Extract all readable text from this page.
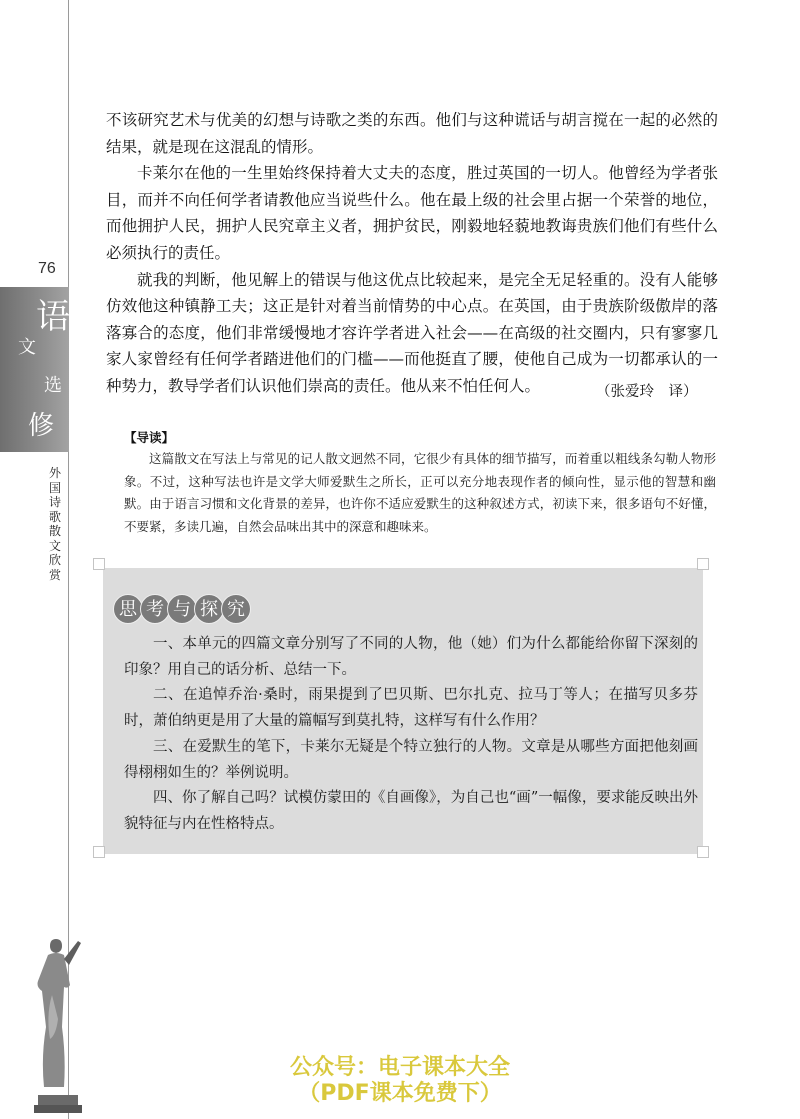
76
语
文
选
修
外国诗歌散文欣赏

不该研究艺术与优美的幻想与诗歌之类的东西。他们与这种谎话与胡言搅在一起的必然的结果，就是现在这混乱的情形。

卡莱尔在他的一生里始终保持着大丈夫的态度，胜过英国的一切人。他曾经为学者张目，而并不向任何学者请教他应当说些什么。他在最上级的社会里占据一个荣誉的地位，而他拥护人民，拥护人民究章主义者，拥护贫民，刚毅地轻藐地教诲贵族们他们有些什么必须执行的责任。

就我的判断，他见解上的错误与他这优点比较起来，是完全无足轻重的。没有人能够仿效他这种镇静工夫；这正是针对着当前情势的中心点。在英国，由于贵族阶级傲岸的落落寡合的态度，他们非常缓慢地才容许学者进入社会——在高级的社交圈内，只有寥寥几家人家曾经有任何学者踏进他们的门槛——而他挺直了腰，使他自己成为一切都承认的一种势力，教导学者们认识他们崇高的责任。他从来不怕任何人。	（张爱玲　译）
【导读】
这篇散文在写法上与常见的记人散文迥然不同，它很少有具体的细节描写，而着重以粗线条勾勒人物形象。不过，这种写法也许是文学大师爱默生之所长，正可以充分地表现作者的倾向性，显示他的智慧和幽默。由于语言习惯和文化背景的差异，也许你不适应爱默生的这种叙述方式，初读下来，很多语句不好懂，不要紧，多读几遍，自然会品味出其中的深意和趣味来。
思 考 与 探 究

一、本单元的四篇文章分别写了不同的人物，他（她）们为什么都能给你留下深刻的印象？用自己的话分析、总结一下。

二、在追悼乔治·桑时，雨果提到了巴贝斯、巴尔扎克、拉马丁等人；在描写贝多芬时，萧伯纳更是用了大量的篇幅写到莫扎特，这样写有什么作用？

三、在爱默生的笔下，卡莱尔无疑是个特立独行的人物。文章是从哪些方面把他刻画得栩栩如生的？举例说明。

四、你了解自己吗？试模仿蒙田的《自画像》，为自己也“画”一幅像，要求能反映出外貌特征与内在性格特点。

公众号：电子课本大全
（PDF课本免费下）
